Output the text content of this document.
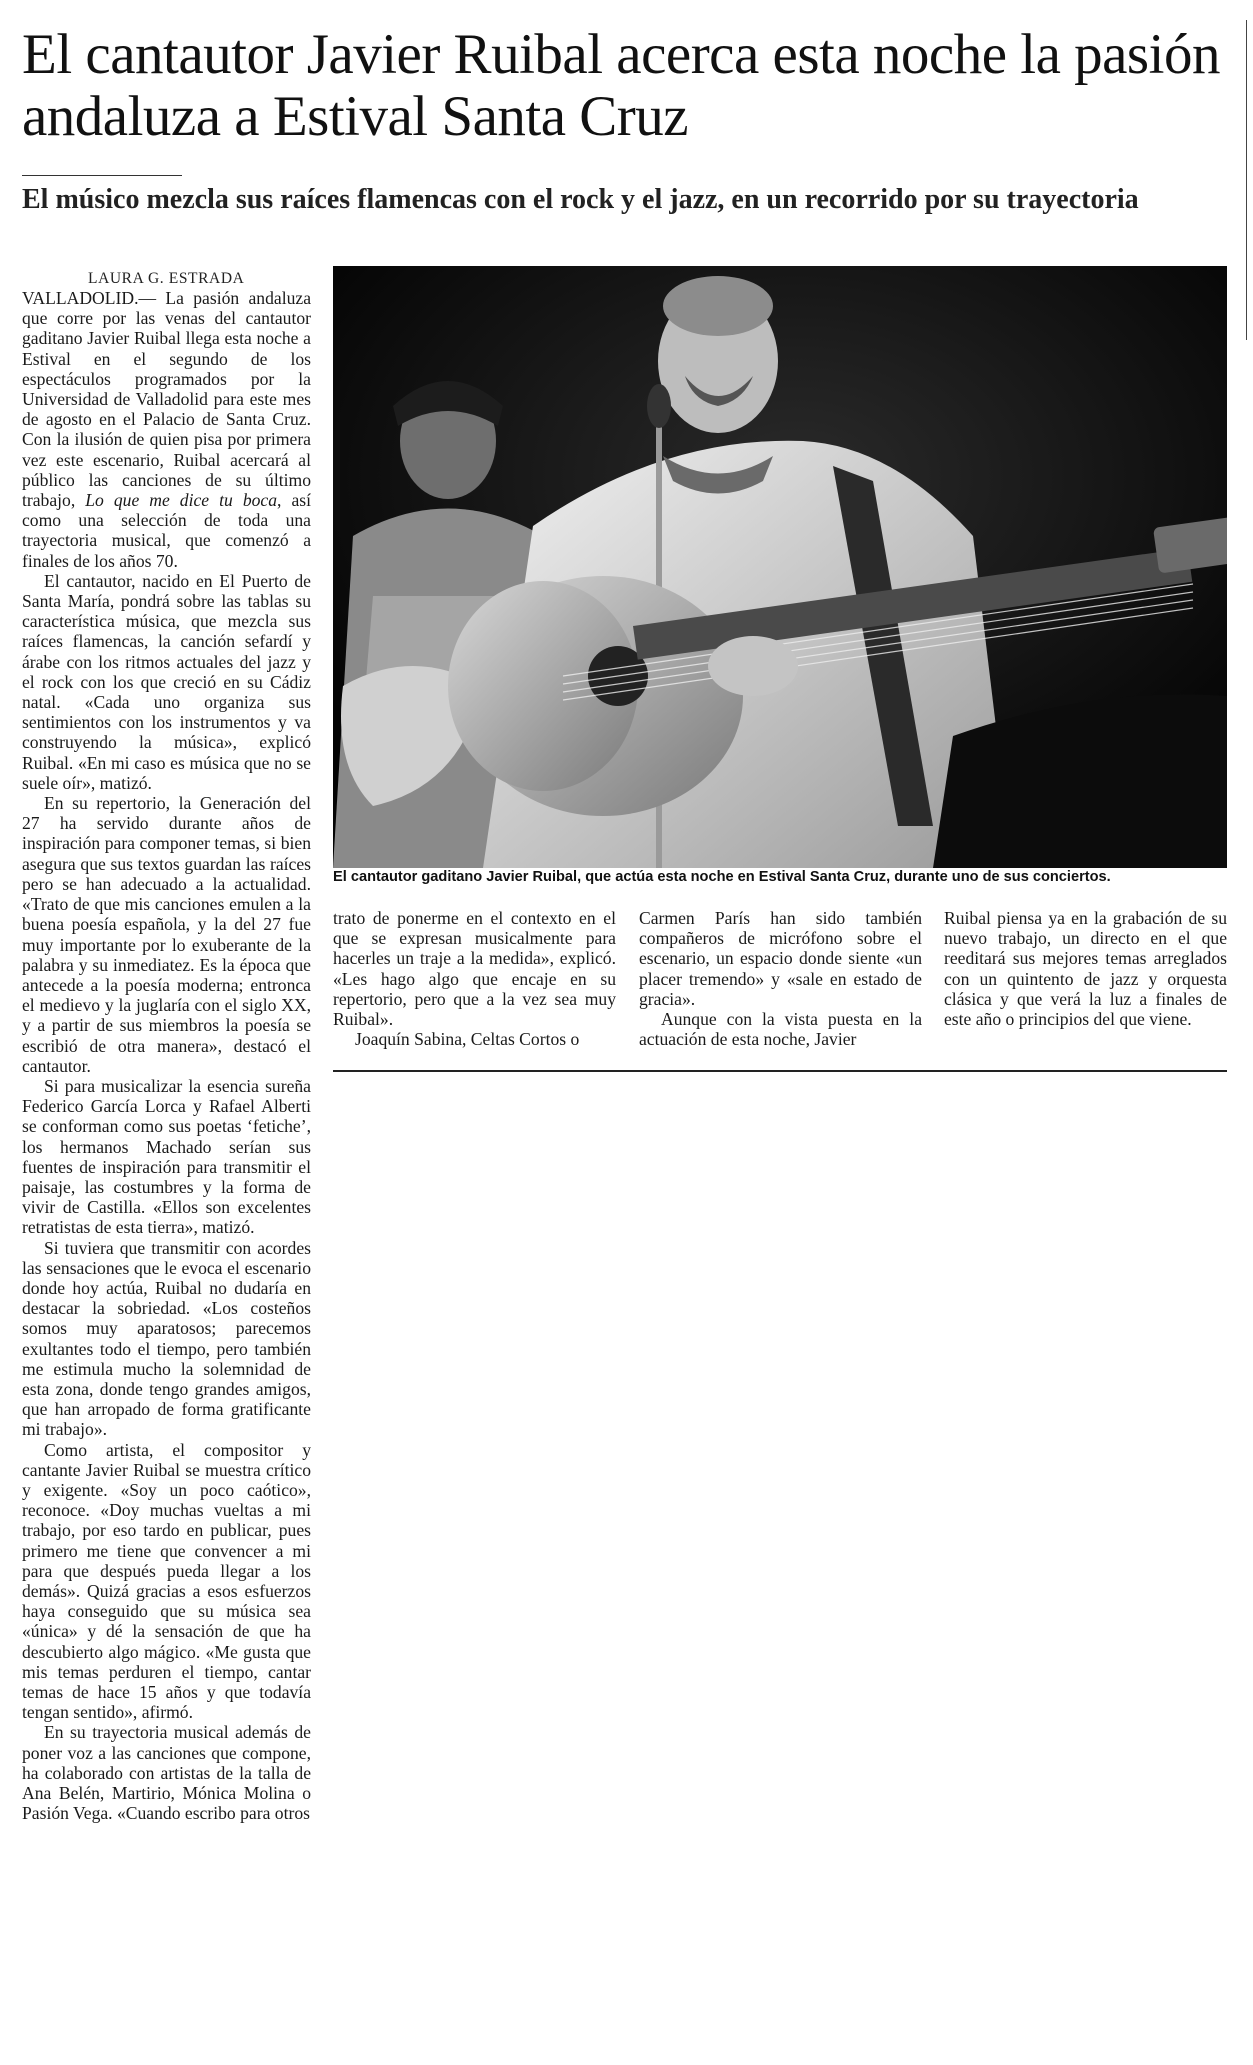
El cantautor Javier Ruibal acerca esta noche la pasión andaluza a Estival Santa Cruz
El músico mezcla sus raíces flamencas con el rock y el jazz, en un recorrido por su trayectoria
LAURA G. ESTRADA

VALLADOLID.— La pasión andaluza que corre por las venas del cantautor gaditano Javier Ruibal llega esta noche a Estival en el segundo de los espectáculos programados por la Universidad de Valladolid para este mes de agosto en el Palacio de Santa Cruz. Con la ilusión de quien pisa por primera vez este escenario, Ruibal acercará al público las canciones de su último trabajo, Lo que me dice tu boca, así como una selección de toda una trayectoria musical, que comenzó a finales de los años 70.

El cantautor, nacido en El Puerto de Santa María, pondrá sobre las tablas su característica música, que mezcla sus raíces flamencas, la canción sefardí y árabe con los ritmos actuales del jazz y el rock con los que creció en su Cádiz natal. «Cada uno organiza sus sentimientos con los instrumentos y va construyendo la música», explicó Ruibal. «En mi caso es música que no se suele oír», matizó.

En su repertorio, la Generación del 27 ha servido durante años de inspiración para componer temas, si bien asegura que sus textos guardan las raíces pero se han adecuado a la actualidad. «Trato de que mis canciones emulen a la buena poesía española, y la del 27 fue muy importante por lo exuberante de la palabra y su inmediatez. Es la época que antecede a la poesía moderna; entronca el medievo y la juglaría con el siglo XX, y a partir de sus miembros la poesía se escribió de otra manera», destacó el cantautor.

Si para musicalizar la esencia sureña Federico García Lorca y Rafael Alberti se conforman como sus poetas ‘fetiche’, los hermanos Machado serían sus fuentes de inspiración para transmitir el paisaje, las costumbres y la forma de vivir de Castilla. «Ellos son excelentes retratistas de esta tierra», matizó.

Si tuviera que transmitir con acordes las sensaciones que le evoca el escenario donde hoy actúa, Ruibal no dudaría en destacar la sobriedad. «Los costeños somos muy aparatosos; parecemos exultantes todo el tiempo, pero también me estimula mucho la solemnidad de esta zona, donde tengo grandes amigos, que han arropado de forma gratificante mi trabajo».

Como artista, el compositor y cantante Javier Ruibal se muestra crítico y exigente. «Soy un poco caótico», reconoce. «Doy muchas vueltas a mi trabajo, por eso tardo en publicar, pues primero me tiene que convencer a mi para que después pueda llegar a los demás». Quizá gracias a esos esfuerzos haya conseguido que su música sea «única» y dé la sensación de que ha descubierto algo mágico. «Me gusta que mis temas perduren el tiempo, cantar temas de hace 15 años y que todavía tengan sentido», afirmó.

En su trayectoria musical además de poner voz a las canciones que compone, ha colaborado con artistas de la talla de Ana Belén, Martirio, Mónica Molina o Pasión Vega. «Cuando escribo para otros

El cantautor gaditano Javier Ruibal, que actúa esta noche en Estival Santa Cruz, durante uno de sus conciertos.

trato de ponerme en el contexto en el que se expresan musicalmente para hacerles un traje a la medida», explicó. «Les hago algo que encaje en su repertorio, pero que a la vez sea muy Ruibal».

Joaquín Sabina, Celtas Cortos o

Carmen París han sido también compañeros de micrófono sobre el escenario, un espacio donde siente «un placer tremendo» y «sale en estado de gracia».

Aunque con la vista puesta en la actuación de esta noche, Javier

Ruibal piensa ya en la grabación de su nuevo trabajo, un directo en el que reeditará sus mejores temas arreglados con un quintento de jazz y orquesta clásica y que verá la luz a finales de este año o principios del que viene.
